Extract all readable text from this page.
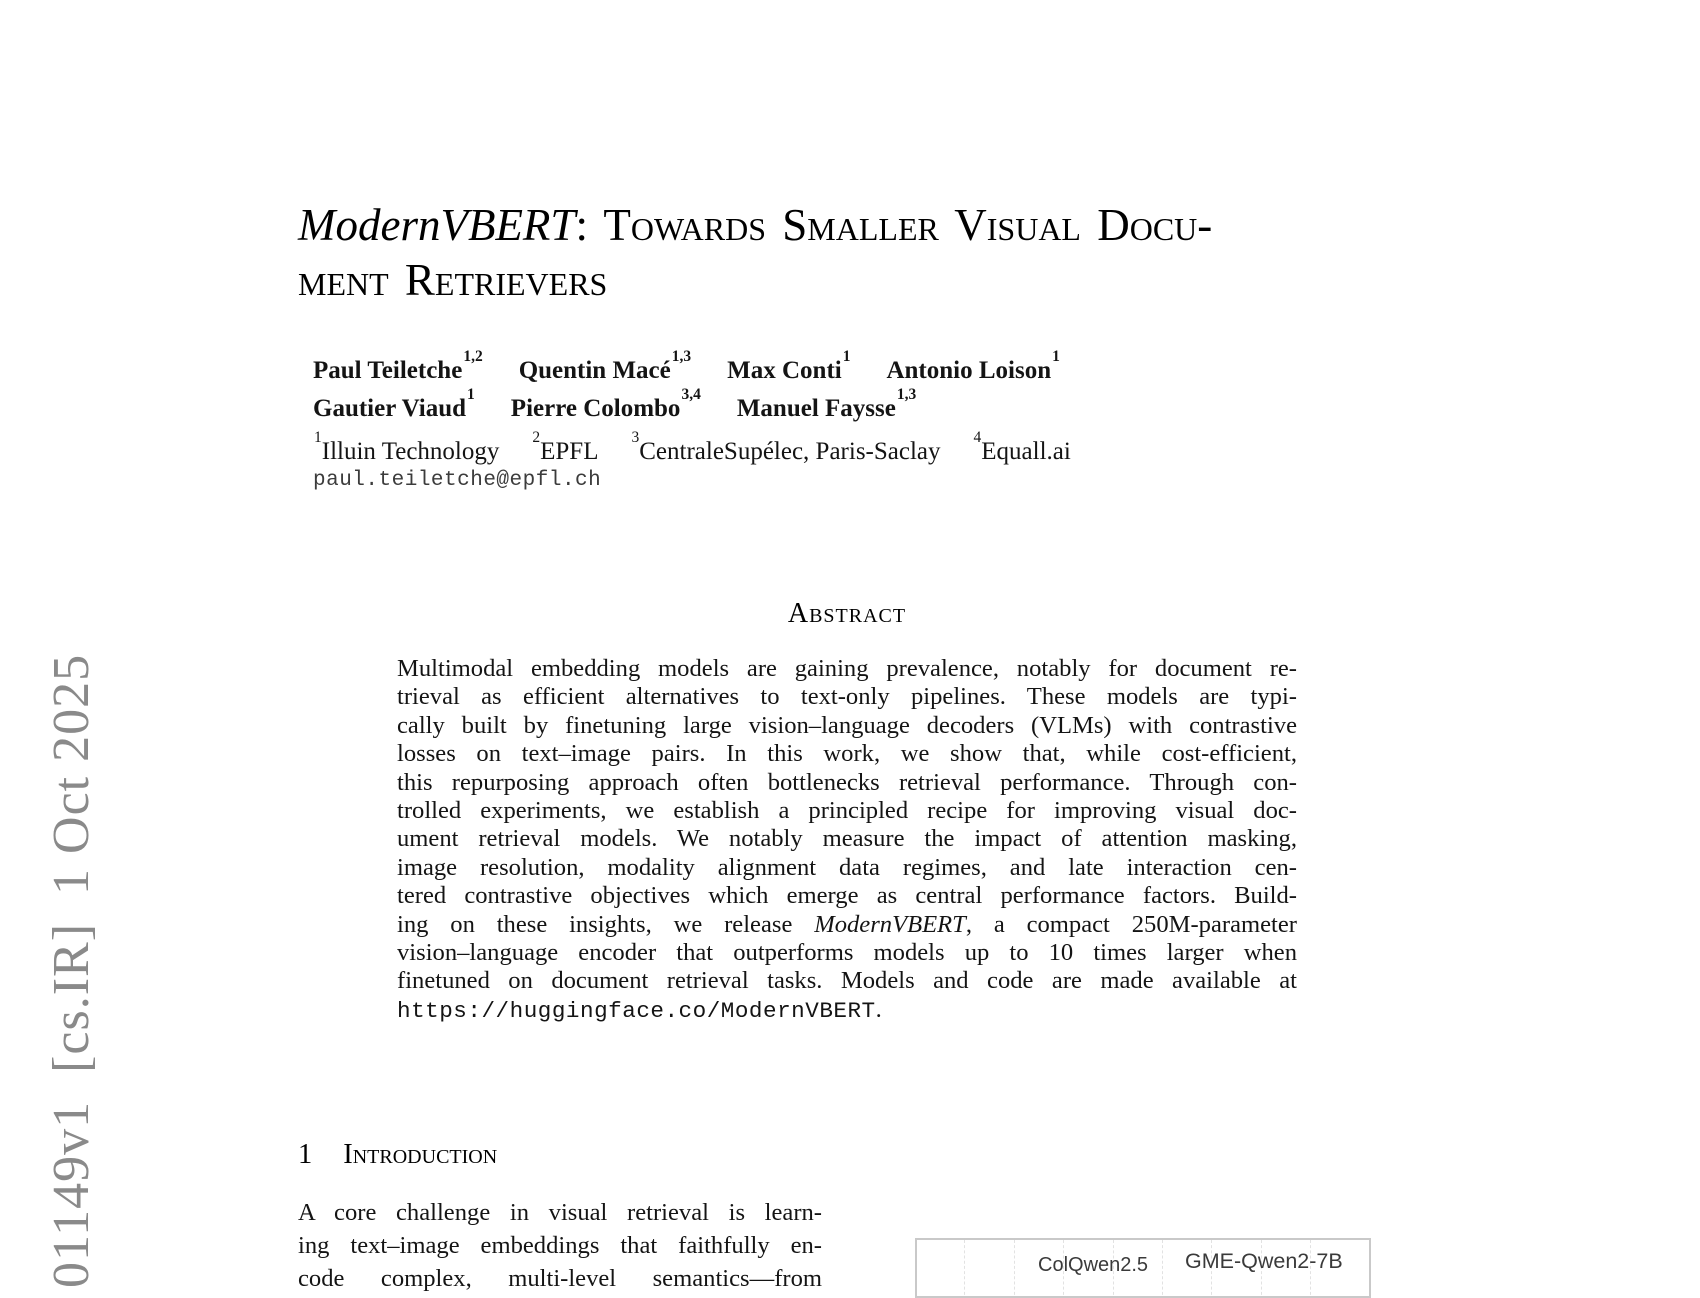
01149v1  [cs.IR]  1 Oct 2025
ModernVBERT: Towards Smaller Visual Docu-
ment Retrievers
Paul Teiletche$^{1,2}$Quentin Macé$^{1,3}$Max Conti$^1$Antonio Loison$^1$
Gautier Viaud$^1$Pierre Colombo$^{3,4}$Manuel Faysse$^{1,3}$
$^1$Illuin Technology$^2$EPFL$^3$CentraleSupélec, Paris-Saclay$^4$Equall.ai
paul.teiletche@epfl.ch
Abstract
Multimodal embedding models are gaining prevalence, notably for document re-
trieval as efficient alternatives to text-only pipelines. These models are typi-
cally built by finetuning large vision–language decoders (VLMs) with contrastive
losses on text–image pairs. In this work, we show that, while cost-efficient,
this repurposing approach often bottlenecks retrieval performance. Through con-
trolled experiments, we establish a principled recipe for improving visual doc-
ument retrieval models. We notably measure the impact of attention masking,
image resolution, modality alignment data regimes, and late interaction cen-
tered contrastive objectives which emerge as central performance factors. Build-
ing on these insights, we release ModernVBERT, a compact 250M-parameter
vision–language encoder that outperforms models up to 10 times larger when
finetuned on document retrieval tasks. Models and code are made available at
https://huggingface.co/ModernVBERT.
1 Introduction
A core challenge in visual retrieval is learn-
ing text–image embeddings that faithfully en-
code complex, multi-level semantics—from	ColQwen2.5 GME-Qwen2-7B
